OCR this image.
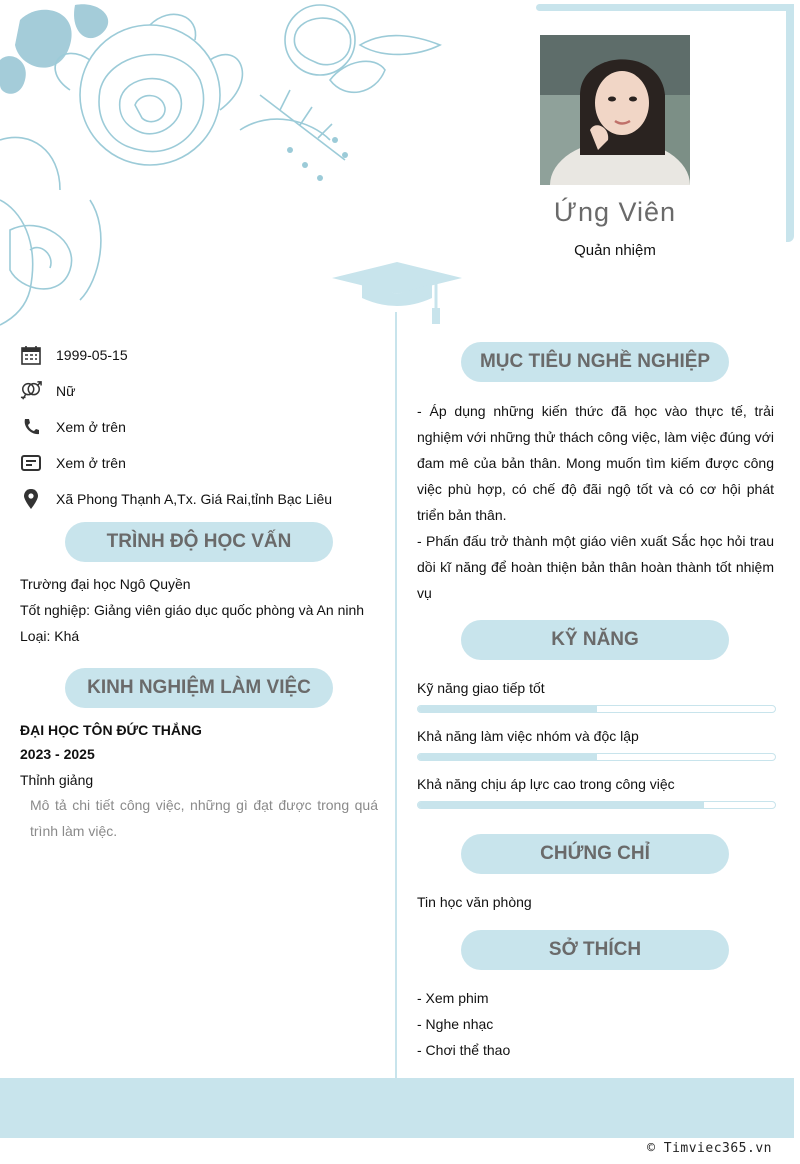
Ứng Viên
Quản nhiệm
1999-05-15
Nữ
Xem ở trên
Xem ở trên
Xã Phong Thạnh A,Tx. Giá Rai,tỉnh Bạc Liêu
TRÌNH ĐỘ HỌC VẤN
Trường đại học Ngô Quyền
Tốt nghiệp: Giảng viên giáo dục quốc phòng và An ninh
Loại: Khá
KINH NGHIỆM LÀM VIỆC
ĐẠI HỌC TÔN ĐỨC THẮNG
2023 - 2025
Thỉnh giảng
Mô tả chi tiết công việc, những gì đạt được trong quá trình làm việc.
MỤC TIÊU NGHỀ NGHIỆP

- Áp dụng những kiến thức đã học vào thực tế, trải nghiệm với những thử thách công việc, làm việc đúng với đam mê của bản thân. Mong muốn tìm kiếm được công việc phù hợp, có chế độ đãi ngộ tốt và có cơ hội phát triển bản thân.

- Phấn đấu trở thành một giáo viên xuất Sắc học hỏi trau dồi kĩ năng để hoàn thiện bản thân hoàn thành tốt nhiệm vụ

KỸ NĂNG
Kỹ năng giao tiếp tốt
Khả năng làm việc nhóm và độc lập
Khả năng chịu áp lực cao trong công việc
CHỨNG CHỈ
Tin học văn phòng
SỞ THÍCH
- Xem phim
- Nghe nhạc
- Chơi thể thao
© Timviec365.vn
